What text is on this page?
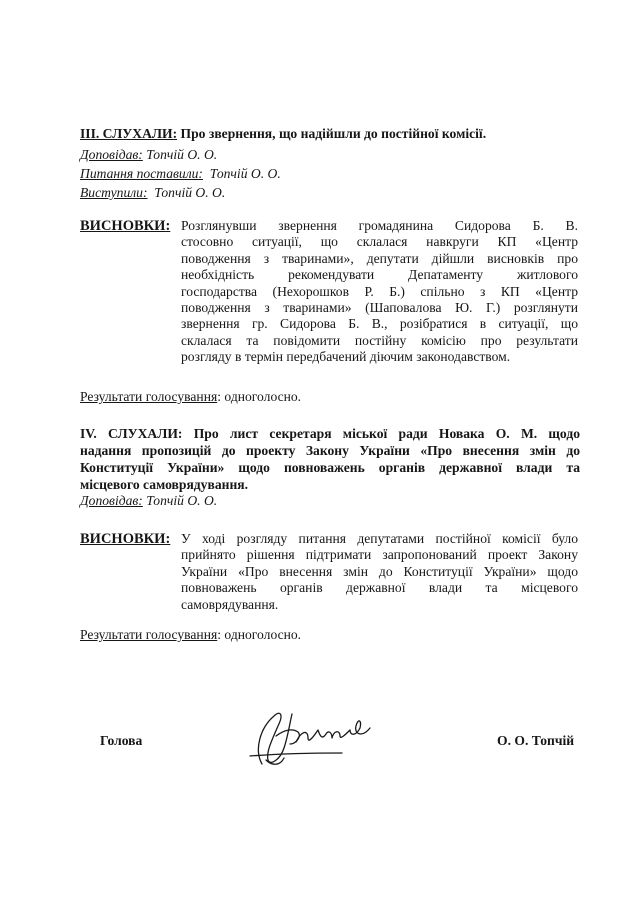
ІІІ. СЛУХАЛИ: Про звернення, що надійшли до постійної комісії.
Доповідав: Топчій О. О.
Питання поставили: Топчій О. О.
Виступили: Топчій О. О.
ВИСНОВКИ: Розглянувши звернення громадянина Сидорова Б. В.
стосовно ситуації, що склалася навкруги КП «Центр
поводження з тваринами», депутати дійшли висновків про
необхідність рекомендувати Депатаменту житлового
господарства (Нехорошков Р. Б.) спільно з КП «Центр
поводження з тваринами» (Шаповалова Ю. Г.) розглянути
звернення гр. Сидорова Б. В., розібратися в ситуації, що
склалася та повідомити постійну комісію про результати
розгляду в термін передбачений діючим законодавством.
Результати голосування: одноголосно.
IV. СЛУХАЛИ: Про лист секретаря міської ради Новака О. М. щодо
надання пропозицій до проекту Закону України «Про внесення змін до
Конституції України» щодо повноважень органів державної влади та
місцевого самоврядування.
Доповідав: Топчій О. О.
ВИСНОВКИ: У ході розгляду питання депутатами постійної комісії було
прийнято рішення підтримати запропонований проект Закону
України «Про внесення змін до Конституції України» щодо
повноважень органів державної влади та місцевого
самоврядування.
Результати голосування: одноголосно.
Голова	О. О. Топчій
